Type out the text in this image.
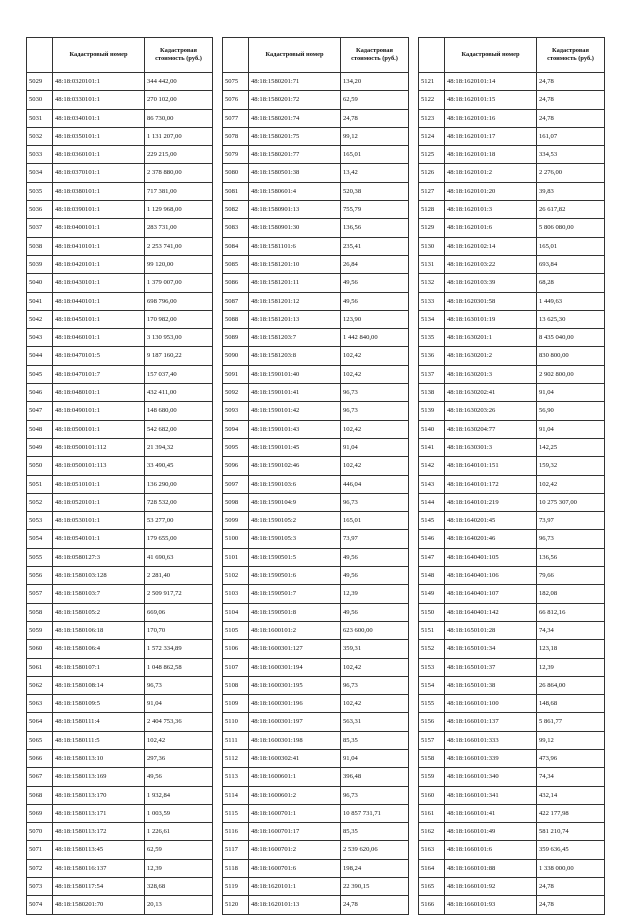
	Кадастровый номер	Кадастровая стоимость (руб.)
5029	48:18:0320101:1	344 442,00
5030	48:18:0330101:1	270 102,00
5031	48:18:0340101:1	86 730,00
5032	48:18:0350101:1	1 131 207,00
5033	48:18:0360101:1	229 215,00
5034	48:18:0370101:1	2 378 880,00
5035	48:18:0380101:1	717 381,00
5036	48:18:0390101:1	1 129 968,00
5037	48:18:0400101:1	283 731,00
5038	48:18:0410101:1	2 253 741,00
5039	48:18:0420101:1	99 120,00
5040	48:18:0430101:1	1 379 007,00
5041	48:18:0440101:1	698 796,00
5042	48:18:0450101:1	170 982,00
5043	48:18:0460101:1	3 130 953,00
5044	48:18:0470101:5	9 187 160,22
5045	48:18:0470101:7	157 037,40
5046	48:18:0480101:1	432 411,00
5047	48:18:0490101:1	148 680,00
5048	48:18:0500101:1	542 682,00
5049	48:18:0500101:112	21 394,32
5050	48:18:0500101:113	33 490,45
5051	48:18:0510101:1	136 290,00
5052	48:18:0520101:1	728 532,00
5053	48:18:0530101:1	53 277,00
5054	48:18:0540101:1	179 655,00
5055	48:18:0580127:3	41 690,63
5056	48:18:1580103:128	2 281,40
5057	48:18:1580103:7	2 509 917,72
5058	48:18:1580105:2	669,06
5059	48:18:1580106:18	170,70
5060	48:18:1580106:4	1 572 334,89
5061	48:18:1580107:1	1 048 862,58
5062	48:18:1580108:14	96,73
5063	48:18:1580109:5	91,04
5064	48:18:1580111:4	2 404 753,36
5065	48:18:1580111:5	102,42
5066	48:18:1580113:10	297,36
5067	48:18:1580113:169	49,56
5068	48:18:1580113:170	1 932,84
5069	48:18:1580113:171	1 003,59
5070	48:18:1580113:172	1 226,61
5071	48:18:1580113:45	62,59
5072	48:18:1580116:137	12,39
5073	48:18:1580117:54	328,68
5074	48:18:1580201:70	20,13
	Кадастровый номер	Кадастровая стоимость (руб.)
5075	48:18:1580201:71	134,20
5076	48:18:1580201:72	62,59
5077	48:18:1580201:74	24,78
5078	48:18:1580201:75	99,12
5079	48:18:1580201:77	165,01
5080	48:18:1580501:38	13,42
5081	48:18:1580601:4	520,38
5082	48:18:1580901:13	755,79
5083	48:18:1580901:30	136,56
5084	48:18:1581101:6	235,41
5085	48:18:1581201:10	26,84
5086	48:18:1581201:11	49,56
5087	48:18:1581201:12	49,56
5088	48:18:1581201:13	123,90
5089	48:18:1581203:7	1 442 840,00
5090	48:18:1581203:8	102,42
5091	48:18:1590101:40	102,42
5092	48:18:1590101:41	96,73
5093	48:18:1590101:42	96,73
5094	48:18:1590101:43	102,42
5095	48:18:1590101:45	91,04
5096	48:18:1590102:46	102,42
5097	48:18:1590103:6	446,04
5098	48:18:1590104:9	96,73
5099	48:18:1590105:2	165,01
5100	48:18:1590105:3	73,97
5101	48:18:1590501:5	49,56
5102	48:18:1590501:6	49,56
5103	48:18:1590501:7	12,39
5104	48:18:1590501:8	49,56
5105	48:18:1600101:2	623 600,00
5106	48:18:1600301:127	359,31
5107	48:18:1600301:194	102,42
5108	48:18:1600301:195	96,73
5109	48:18:1600301:196	102,42
5110	48:18:1600301:197	563,31
5111	48:18:1600301:198	85,35
5112	48:18:1600302:41	91,04
5113	48:18:1600601:1	396,48
5114	48:18:1600601:2	96,73
5115	48:18:1600701:1	10 857 731,71
5116	48:18:1600701:17	85,35
5117	48:18:1600701:2	2 539 620,06
5118	48:18:1600701:6	198,24
5119	48:18:1620101:1	22 390,15
5120	48:18:1620101:13	24,78
	Кадастровый номер	Кадастровая стоимость (руб.)
5121	48:18:1620101:14	24,78
5122	48:18:1620101:15	24,78
5123	48:18:1620101:16	24,78
5124	48:18:1620101:17	161,07
5125	48:18:1620101:18	334,53
5126	48:18:1620101:2	2 276,00
5127	48:18:1620101:20	39,83
5128	48:18:1620101:3	26 617,82
5129	48:18:1620101:6	5 806 080,00
5130	48:18:1620102:14	165,01
5131	48:18:1620103:22	693,84
5132	48:18:1620103:39	68,28
5133	48:18:1620301:58	1 449,63
5134	48:18:1630101:19	13 625,30
5135	48:18:1630201:1	8 435 040,00
5136	48:18:1630201:2	830 800,00
5137	48:18:1630201:3	2 902 800,00
5138	48:18:1630202:41	91,04
5139	48:18:1630203:26	56,90
5140	48:18:1630204:77	91,04
5141	48:18:1630301:3	142,25
5142	48:18:1640101:151	159,32
5143	48:18:1640101:172	102,42
5144	48:18:1640101:219	10 275 307,00
5145	48:18:1640201:45	73,97
5146	48:18:1640201:46	96,73
5147	48:18:1640401:105	136,56
5148	48:18:1640401:106	79,66
5149	48:18:1640401:107	182,08
5150	48:18:1640401:142	66 812,16
5151	48:18:1650101:28	74,34
5152	48:18:1650101:34	123,18
5153	48:18:1650101:37	12,39
5154	48:18:1650101:38	26 864,00
5155	48:18:1660101:100	148,68
5156	48:18:1660101:137	5 861,77
5157	48:18:1660101:333	99,12
5158	48:18:1660101:339	473,96
5159	48:18:1660101:340	74,34
5160	48:18:1660101:341	432,14
5161	48:18:1660101:41	422 177,98
5162	48:18:1660101:49	581 210,74
5163	48:18:1660101:6	359 636,45
5164	48:18:1660101:88	1 338 000,00
5165	48:18:1660101:92	24,78
5166	48:18:1660101:93	24,78
